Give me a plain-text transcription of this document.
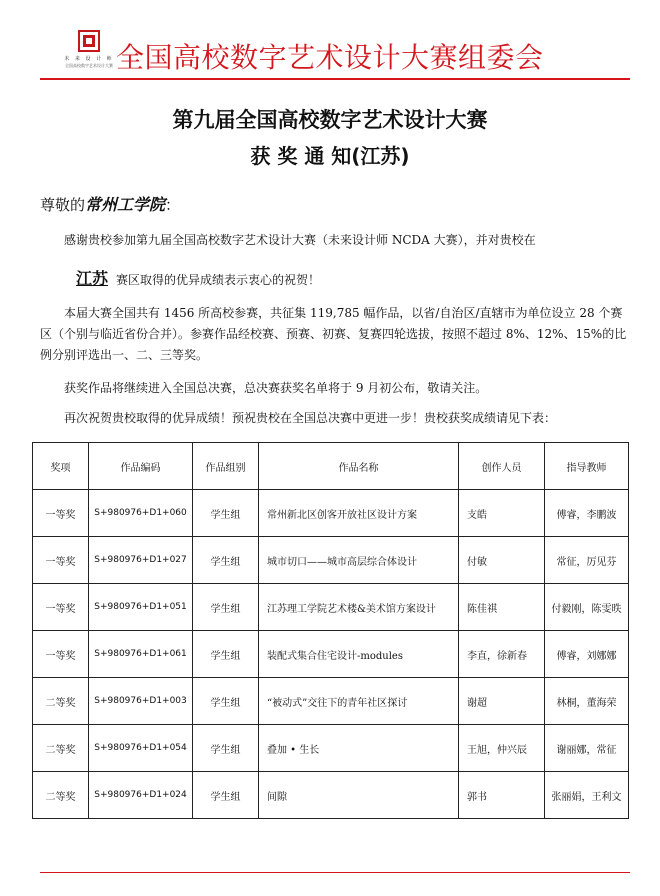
未 来 设 计 师
全国高校数字艺术设计大赛 全国高校数字艺术设计大赛组委会
第九届全国高校数字艺术设计大赛
获 奖 通 知(江苏)
尊敬的常州工学院：

感谢贵校参加第九届全国高校数字艺术设计大赛（未来设计师 NCDA 大赛），并对贵校在

江苏 赛区取得的优异成绩表示衷心的祝贺！

本届大赛全国共有 1456 所高校参赛，共征集 119,785 幅作品，以省/自治区/直辖市为单位设立 28 个赛区（个别与临近省份合并）。参赛作品经校赛、预赛、初赛、复赛四轮选拔，按照不超过 8%、12%、15%的比例分别评选出一、二、三等奖。

获奖作品将继续进入全国总决赛，总决赛获奖名单将于 9 月初公布，敬请关注。

再次祝贺贵校取得的优异成绩！预祝贵校在全国总决赛中更进一步！贵校获奖成绩请见下表：

奖项	作品编码	作品组别	作品名称	创作人员	指导教师
一等奖	S+980976+D1+060	学生组	常州新北区创客开放社区设计方案	支皓	傅睿，李鹏波
一等奖	S+980976+D1+027	学生组	城市切口——城市高层综合体设计	付敏	常征，厉见芬
一等奖	S+980976+D1+051	学生组	江苏理工学院艺术楼&美术馆方案设计	陈佳祺	付毅刚，陈雯昳
一等奖	S+980976+D1+061	学生组	装配式集合住宅设计-modules	李直，徐新春	傅睿，刘娜娜
二等奖	S+980976+D1+003	学生组	“被动式”交往下的青年社区探讨	谢超	林桐，董海荣
二等奖	S+980976+D1+054	学生组	叠加 • 生长	王旭，仲兴辰	谢丽娜，常征
二等奖	S+980976+D1+024	学生组	间隙	郭书	张丽娟，王利文
